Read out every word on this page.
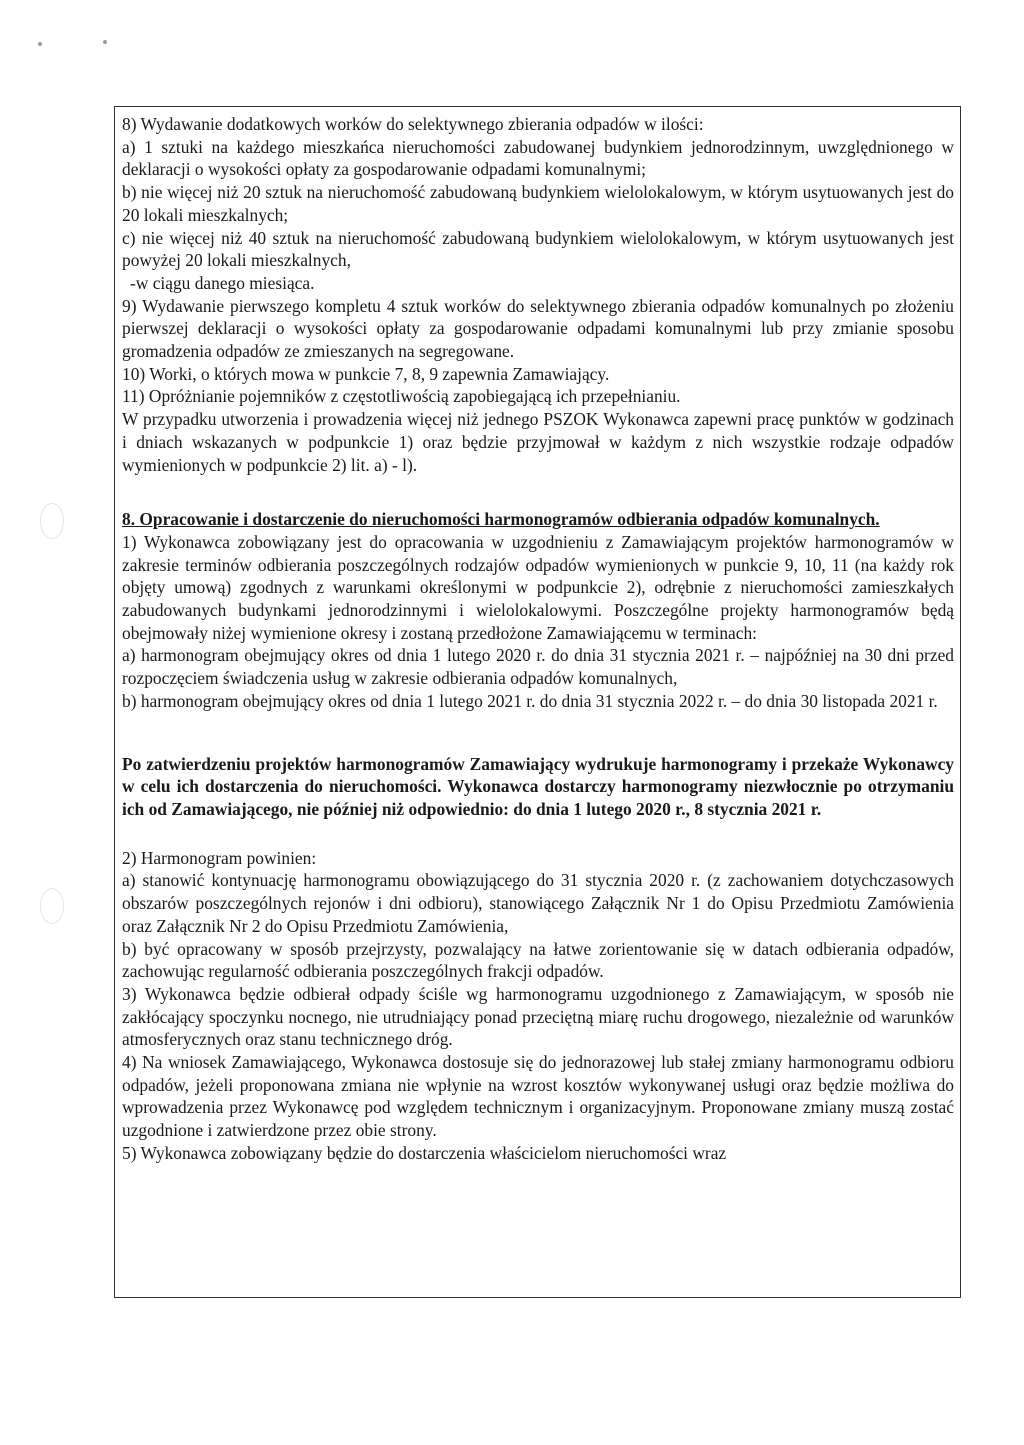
8) Wydawanie dodatkowych worków do selektywnego zbierania odpadów w ilości:

a) 1 sztuki na każdego mieszkańca nieruchomości zabudowanej budynkiem jednorodzinnym, uwzględnionego w deklaracji o wysokości opłaty za gospodarowanie odpadami komunalnymi;

b) nie więcej niż 20 sztuk na nieruchomość zabudowaną budynkiem wielolokalowym, w którym usytuowanych jest do 20 lokali mieszkalnych;

c) nie więcej niż 40 sztuk na nieruchomość zabudowaną budynkiem wielolokalowym, w którym usytuowanych jest powyżej 20 lokali mieszkalnych,

-w ciągu danego miesiąca.

9) Wydawanie pierwszego kompletu 4 sztuk worków do selektywnego zbierania odpadów komunalnych po złożeniu pierwszej deklaracji o wysokości opłaty za gospodarowanie odpadami komunalnymi lub przy zmianie sposobu gromadzenia odpadów ze zmieszanych na segregowane.

10) Worki, o których mowa w punkcie 7, 8, 9 zapewnia Zamawiający.

11) Opróżnianie pojemników z częstotliwością zapobiegającą ich przepełnianiu.

W przypadku utworzenia i prowadzenia więcej niż jednego PSZOK Wykonawca zapewni pracę punktów w godzinach i dniach wskazanych w podpunkcie 1) oraz będzie przyjmował w każdym z nich wszystkie rodzaje odpadów wymienionych w podpunkcie 2) lit. a) - l).

8. Opracowanie i dostarczenie do nieruchomości harmonogramów odbierania odpadów komunalnych.

1) Wykonawca zobowiązany jest do opracowania w uzgodnieniu z Zamawiającym projektów harmonogramów w zakresie terminów odbierania poszczególnych rodzajów odpadów wymienionych w punkcie 9, 10, 11 (na każdy rok objęty umową) zgodnych z warunkami określonymi w podpunkcie 2), odrębnie z nieruchomości zamieszkałych zabudowanych budynkami jednorodzinnymi i wielolokalowymi. Poszczególne projekty harmonogramów będą obejmowały niżej wymienione okresy i zostaną przedłożone Zamawiającemu w terminach:

a) harmonogram obejmujący okres od dnia 1 lutego 2020 r. do dnia 31 stycznia 2021 r. – najpóźniej na 30 dni przed rozpoczęciem świadczenia usług w zakresie odbierania odpadów komunalnych,

b) harmonogram obejmujący okres od dnia 1 lutego 2021 r. do dnia 31 stycznia 2022 r. – do dnia 30 listopada 2021 r.

Po zatwierdzeniu projektów harmonogramów Zamawiający wydrukuje harmonogramy i przekaże Wykonawcy w celu ich dostarczenia do nieruchomości. Wykonawca dostarczy harmonogramy niezwłocznie po otrzymaniu ich od Zamawiającego, nie później niż odpowiednio: do dnia 1 lutego 2020 r., 8 stycznia 2021 r.

2) Harmonogram powinien:

a) stanowić kontynuację harmonogramu obowiązującego do 31 stycznia 2020 r. (z zachowaniem dotychczasowych obszarów poszczególnych rejonów i dni odbioru), stanowiącego Załącznik Nr 1 do Opisu Przedmiotu Zamówienia oraz Załącznik Nr 2 do Opisu Przedmiotu Zamówienia,

b) być opracowany w sposób przejrzysty, pozwalający na łatwe zorientowanie się w datach odbierania odpadów, zachowując regularność odbierania poszczególnych frakcji odpadów.

3) Wykonawca będzie odbierał odpady ściśle wg harmonogramu uzgodnionego z Zamawiającym, w sposób nie zakłócający spoczynku nocnego, nie utrudniający ponad przeciętną miarę ruchu drogowego, niezależnie od warunków atmosferycznych oraz stanu technicznego dróg.

4) Na wniosek Zamawiającego, Wykonawca dostosuje się do jednorazowej lub stałej zmiany harmonogramu odbioru odpadów, jeżeli proponowana zmiana nie wpłynie na wzrost kosztów wykonywanej usługi oraz będzie możliwa do wprowadzenia przez Wykonawcę pod względem technicznym i organizacyjnym. Proponowane zmiany muszą zostać uzgodnione i zatwierdzone przez obie strony.

5) Wykonawca zobowiązany będzie do dostarczenia właścicielom nieruchomości wraz
